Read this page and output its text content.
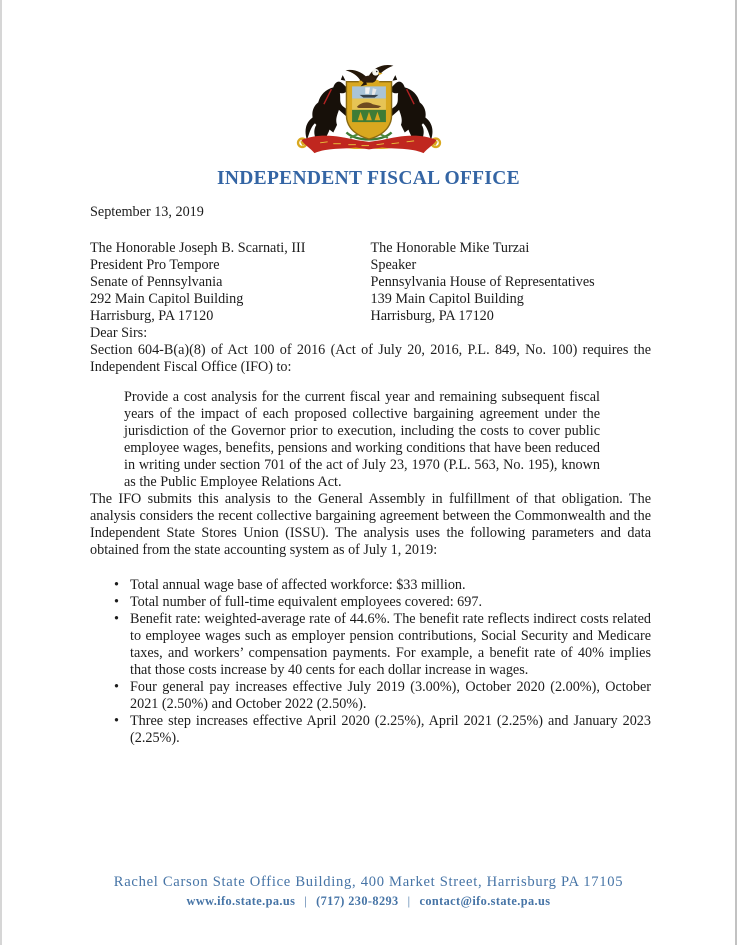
INDEPENDENT FISCAL OFFICE

September 13, 2019

The Honorable Joseph B. Scarnati, III
President Pro Tempore
Senate of Pennsylvania
292 Main Capitol Building
Harrisburg, PA 17120
The Honorable Mike Turzai
Speaker
Pennsylvania House of Representatives
139 Main Capitol Building
Harrisburg, PA 17120

Dear Sirs:

Section 604-B(a)(8) of Act 100 of 2016 (Act of July 20, 2016, P.L. 849, No. 100) requires the Independent Fiscal Office (IFO) to:

Provide a cost analysis for the current fiscal year and remaining subsequent fiscal years of the impact of each proposed collective bargaining agreement under the jurisdiction of the Governor prior to execution, including the costs to cover public employee wages, benefits, pensions and working conditions that have been reduced in writing under section 701 of the act of July 23, 1970 (P.L. 563, No. 195), known as the Public Employee Relations Act.

The IFO submits this analysis to the General Assembly in fulfillment of that obligation. The analysis considers the recent collective bargaining agreement between the Commonwealth and the Independent State Stores Union (ISSU). The analysis uses the following parameters and data obtained from the state accounting system as of July 1, 2019:

• Total annual wage base of affected workforce: $33 million.
• Total number of full-time equivalent employees covered: 697.
• Benefit rate: weighted-average rate of 44.6%. The benefit rate reflects indirect costs related to employee wages such as employer pension contributions, Social Security and Medicare taxes, and workers’ compensation payments. For example, a benefit rate of 40% implies that those costs increase by 40 cents for each dollar increase in wages.
• Four general pay increases effective July 2019 (3.00%), October 2020 (2.00%), October 2021 (2.50%) and October 2022 (2.50%).
• Three step increases effective April 2020 (2.25%), April 2021 (2.25%) and January 2023 (2.25%).
Rachel Carson State Office Building, 400 Market Street, Harrisburg PA 17105
www.ifo.state.pa.us | (717) 230-8293 | contact@ifo.state.pa.us
